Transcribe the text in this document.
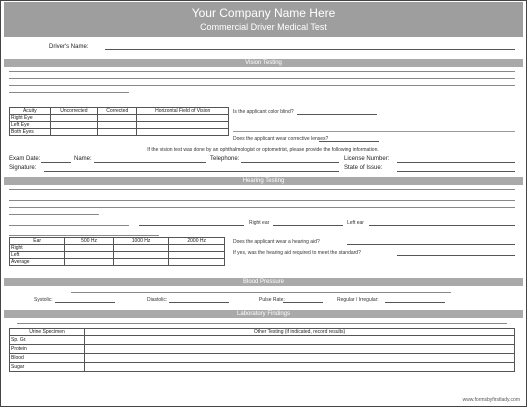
Your Company Name Here
Commercial Driver Medical Test
Driver's Name:
Vision Testing
Acuity	Uncorrected	Corrected	Horizontal Field of Vision
Right Eye			
Left Eye			
Both Eyes			
Is the applicant color blind?
Does the applicant wear corrective lenses?
If the vision test was done by an ophthalmologist or optometrist, please provide the following information.
Exam Date:	Name:	Telephone:	License Number:
Signature:	State of Issue:
Hearing Testing
Right ear	Left ear
Ear	500 Hz	1000 Hz	2000 Hz
Right			
Left			
Average			
Does the applicant wear a hearing aid?
If yes, was the hearing aid required to meet the standard?
Blood Pressure
Systolic:	Diastolic:	Pulse Rate:	Regular / Irregular:
Laboratory Findings
Urine Specimen	Other Testing (if indicated, record results)
Sp. Gr.	
Protein	
Blood	
Sugar	
www.formsbyfirstlady.com
